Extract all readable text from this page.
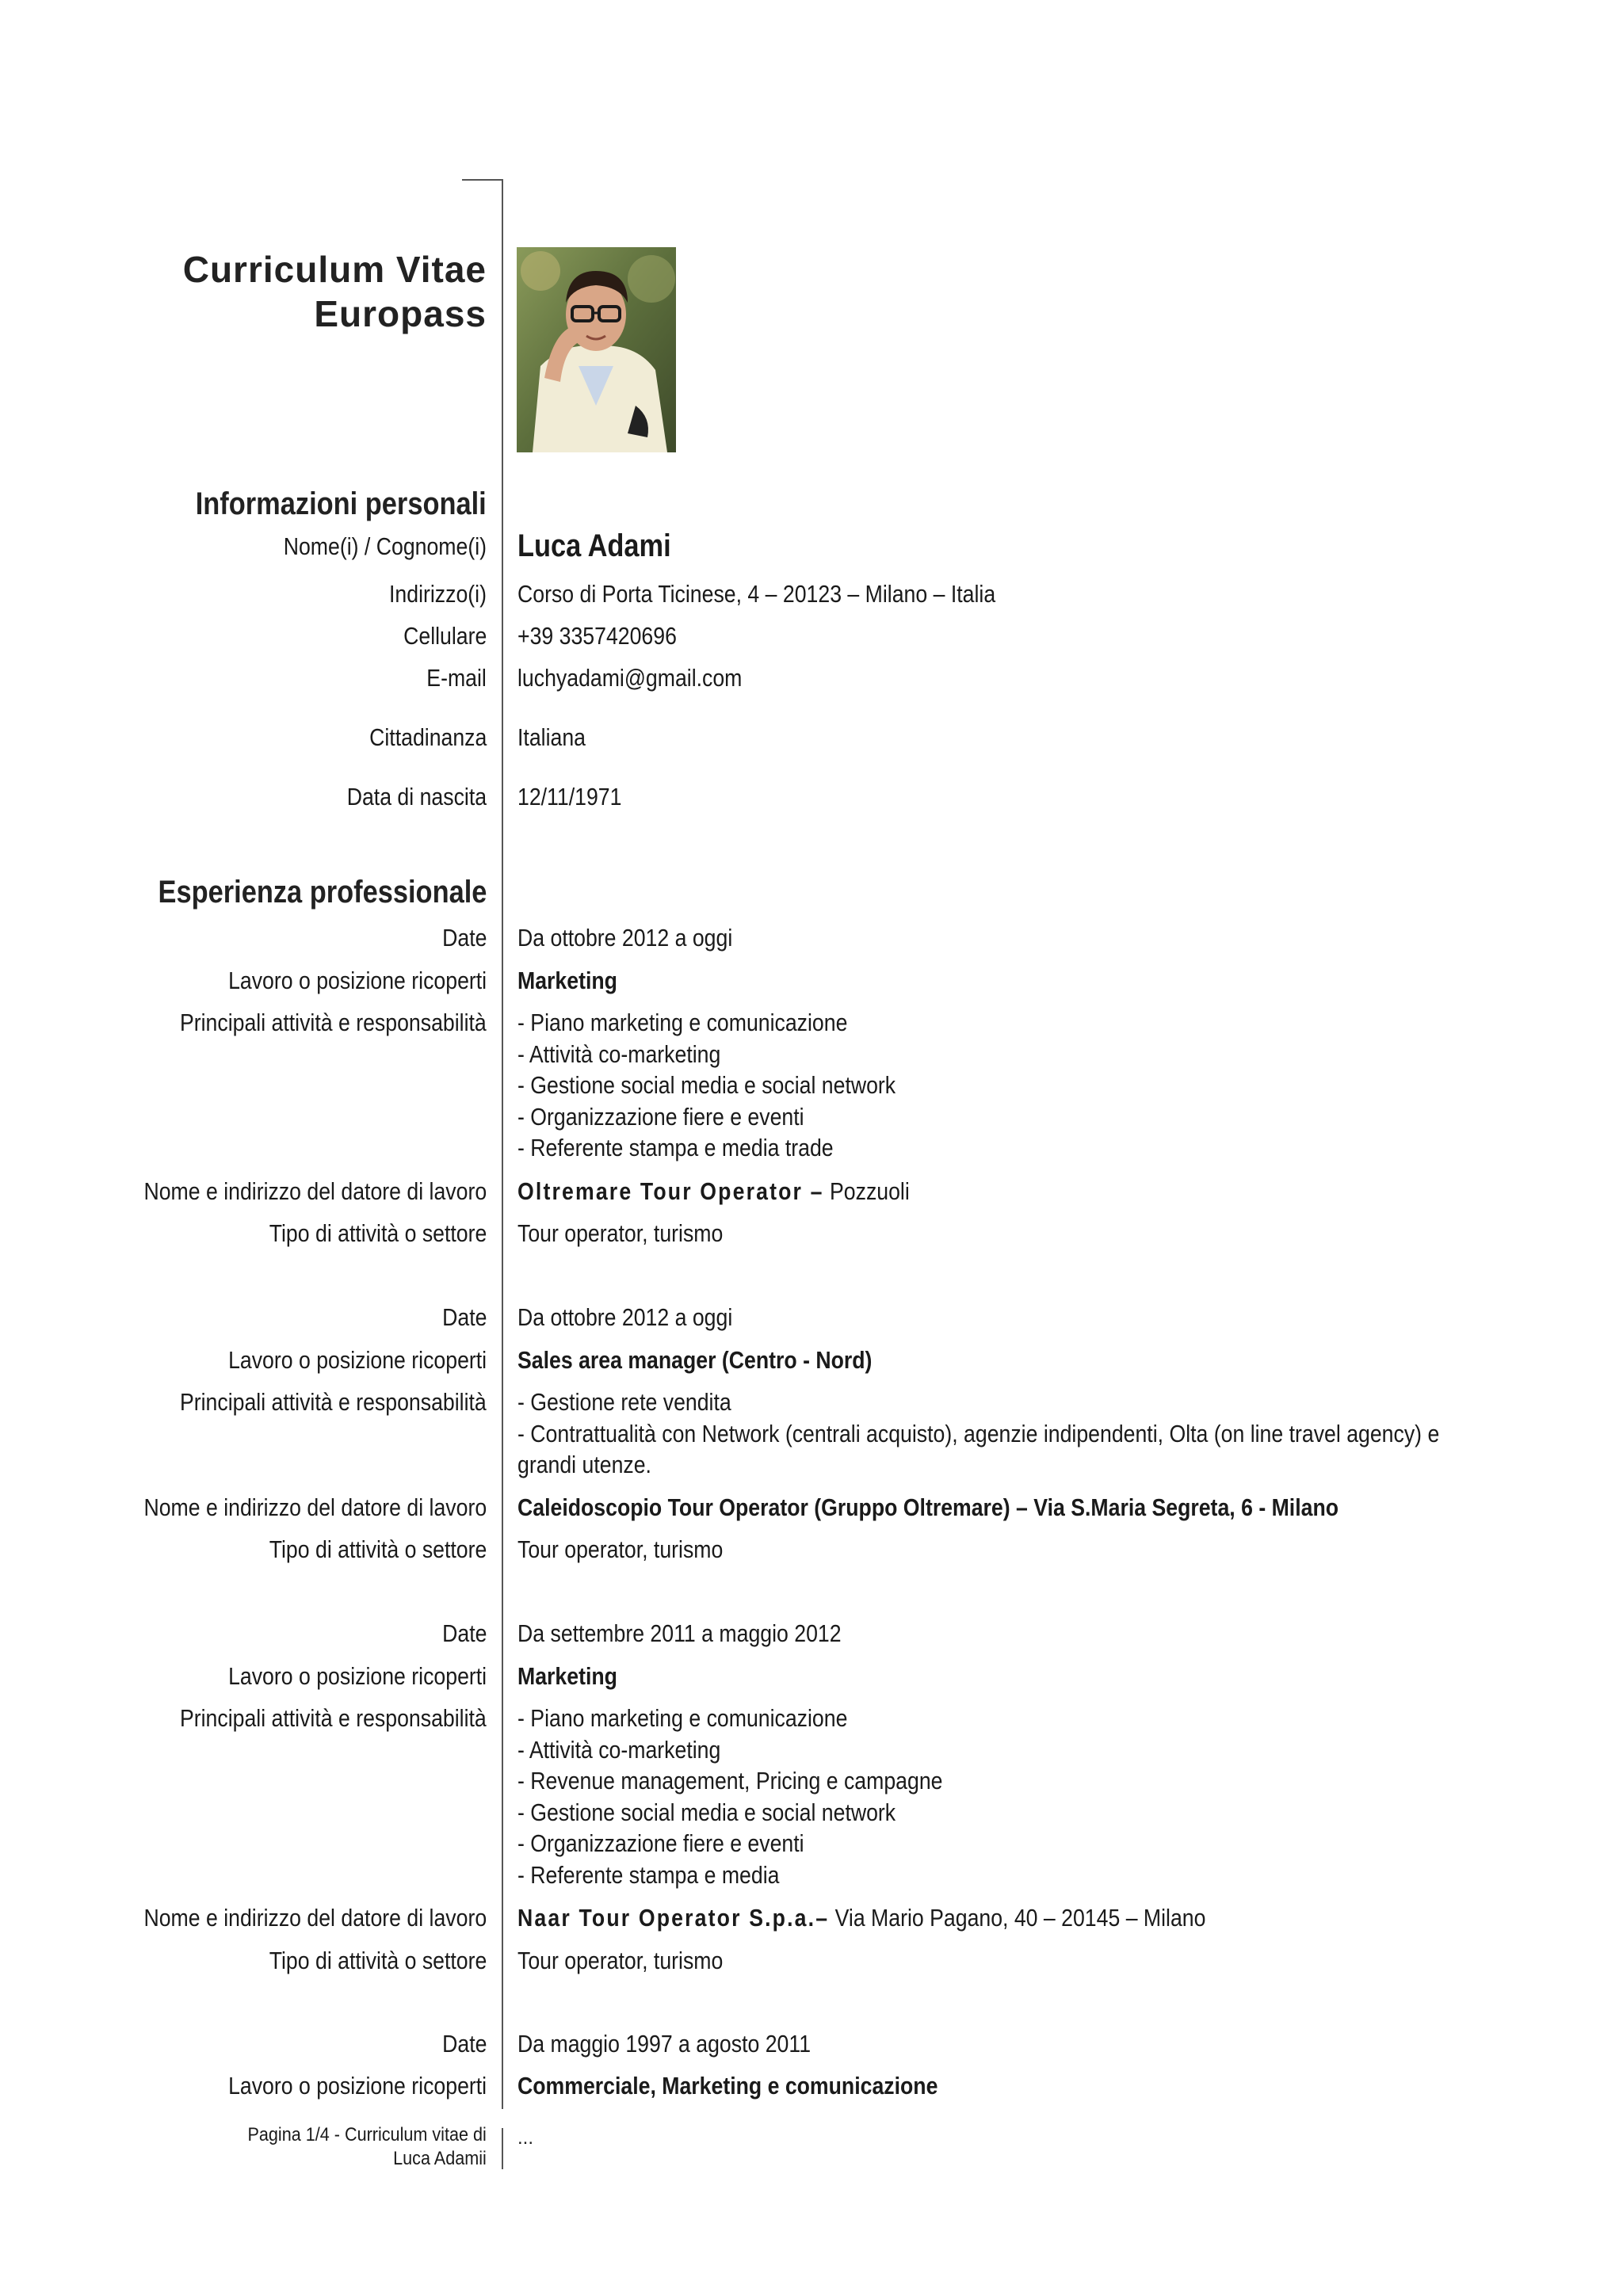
Curriculum Vitae
Europass
Informazioni personali
Nome(i) / Cognome(i) Luca Adami
Indirizzo(i) Corso di Porta Ticinese, 4 – 20123 – Milano – Italia
Cellulare +39 3357420696
E-mail luchyadami@gmail.com
Cittadinanza Italiana
Data di nascita 12/11/1971
Esperienza professionale
Date Da ottobre 2012 a oggi
Lavoro o posizione ricoperti Marketing
Principali attività e responsabilità - Piano marketing e comunicazione
- Attività co-marketing
- Gestione social media e social network
- Organizzazione fiere e eventi
- Referente stampa e media trade
Nome e indirizzo del datore di lavoro Oltremare Tour Operator – Pozzuoli
Tipo di attività o settore Tour operator, turismo
Date Da ottobre 2012 a oggi
Lavoro o posizione ricoperti Sales area manager (Centro - Nord)
Principali attività e responsabilità - Gestione rete vendita
- Contrattualità con Network (centrali acquisto), agenzie indipendenti, Olta (on line travel agency) e
grandi utenze.
Nome e indirizzo del datore di lavoro Caleidoscopio Tour Operator (Gruppo Oltremare) – Via S.Maria Segreta, 6 - Milano
Tipo di attività o settore Tour operator, turismo
Date Da settembre 2011 a maggio 2012
Lavoro o posizione ricoperti Marketing
Principali attività e responsabilità - Piano marketing e comunicazione
- Attività co-marketing
- Revenue management, Pricing e campagne
- Gestione social media e social network
- Organizzazione fiere e eventi
- Referente stampa e media
Nome e indirizzo del datore di lavoro Naar Tour Operator S.p.a.– Via Mario Pagano, 40 – 20145 – Milano
Tipo di attività o settore Tour operator, turismo
Date Da maggio 1997 a agosto 2011
Lavoro o posizione ricoperti Commerciale, Marketing e comunicazione
Pagina 1/4 - Curriculum vitae di
Luca Adamii
...
